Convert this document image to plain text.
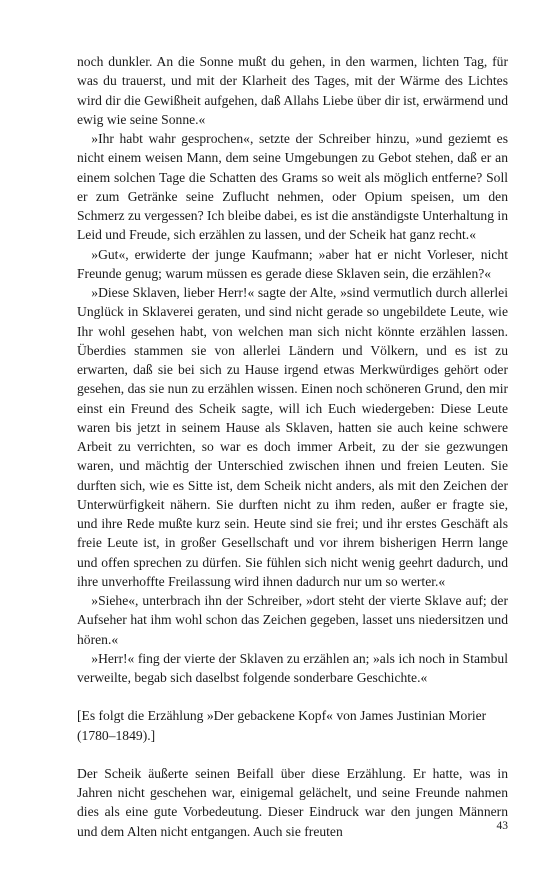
noch dunkler. An die Sonne mußt du gehen, in den warmen, lichten Tag, für was du trauerst, und mit der Klarheit des Tages, mit der Wärme des Lichtes wird dir die Gewißheit aufgehen, daß Allahs Liebe über dir ist, erwärmend und ewig wie seine Sonne.«

»Ihr habt wahr gesprochen«, setzte der Schreiber hinzu, »und geziemt es nicht einem weisen Mann, dem seine Umgebungen zu Gebot stehen, daß er an einem solchen Tage die Schatten des Grams so weit als möglich entferne? Soll er zum Getränke seine Zuflucht nehmen, oder Opium speisen, um den Schmerz zu vergessen? Ich bleibe dabei, es ist die anständigste Unterhaltung in Leid und Freude, sich erzählen zu lassen, und der Scheik hat ganz recht.«

»Gut«, erwiderte der junge Kaufmann; »aber hat er nicht Vorleser, nicht Freunde genug; warum müssen es gerade diese Sklaven sein, die erzählen?«

»Diese Sklaven, lieber Herr!« sagte der Alte, »sind vermutlich durch allerlei Unglück in Sklaverei geraten, und sind nicht gerade so ungebildete Leute, wie Ihr wohl gesehen habt, von welchen man sich nicht könnte erzählen lassen. Überdies stammen sie von allerlei Ländern und Völkern, und es ist zu erwarten, daß sie bei sich zu Hause irgend etwas Merkwürdiges gehört oder gesehen, das sie nun zu erzählen wissen. Einen noch schöneren Grund, den mir einst ein Freund des Scheik sagte, will ich Euch wiedergeben: Diese Leute waren bis jetzt in seinem Hause als Sklaven, hatten sie auch keine schwere Arbeit zu verrichten, so war es doch immer Arbeit, zu der sie gezwungen waren, und mächtig der Unterschied zwischen ihnen und freien Leuten. Sie durften sich, wie es Sitte ist, dem Scheik nicht anders, als mit den Zeichen der Unterwürfigkeit nähern. Sie durften nicht zu ihm reden, außer er fragte sie, und ihre Rede mußte kurz sein. Heute sind sie frei; und ihr erstes Geschäft als freie Leute ist, in großer Gesellschaft und vor ihrem bisherigen Herrn lange und offen sprechen zu dürfen. Sie fühlen sich nicht wenig geehrt dadurch, und ihre unverhoffte Freilassung wird ihnen dadurch nur um so werter.«

»Siehe«, unterbrach ihn der Schreiber, »dort steht der vierte Sklave auf; der Aufseher hat ihm wohl schon das Zeichen gegeben, lasset uns niedersitzen und hören.«

»Herr!« fing der vierte der Sklaven zu erzählen an; »als ich noch in Stambul verweilte, begab sich daselbst folgende sonderbare Geschichte.«

[Es folgt die Erzählung »Der gebackene Kopf« von James Justinian Morier (1780–1849).]

Der Scheik äußerte seinen Beifall über diese Erzählung. Er hatte, was in Jahren nicht geschehen war, einigemal gelächelt, und seine Freunde nahmen dies als eine gute Vorbedeutung. Dieser Eindruck war den jungen Männern und dem Alten nicht entgangen. Auch sie freuten	43
